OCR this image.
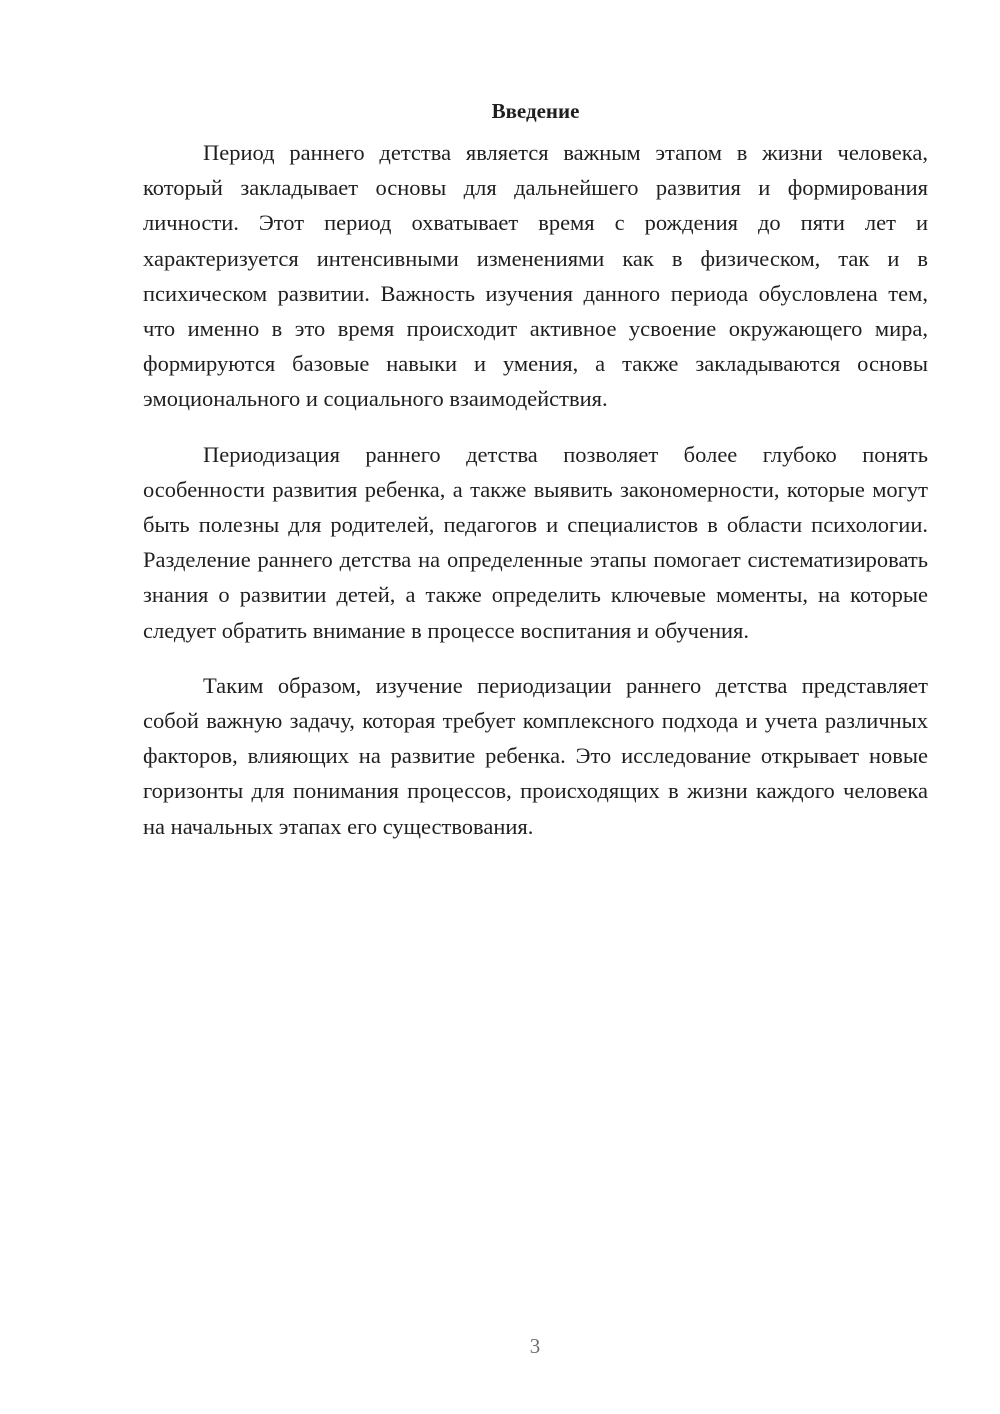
Введение

Период раннего детства является важным этапом в жизни человека, который закладывает основы для дальнейшего развития и формирования личности. Этот период охватывает время с рождения до пяти лет и характеризуется интенсивными изменениями как в физическом, так и в психическом развитии. Важность изучения данного периода обусловлена тем, что именно в это время происходит активное усвоение окружающего мира, формируются базовые навыки и умения, а также закладываются основы эмоционального и социального взаимодействия.

Периодизация раннего детства позволяет более глубоко понять особенности развития ребенка, а также выявить закономерности, которые могут быть полезны для родителей, педагогов и специалистов в области психологии. Разделение раннего детства на определенные этапы помогает систематизировать знания о развитии детей, а также определить ключевые моменты, на которые следует обратить внимание в процессе воспитания и обучения.

Таким образом, изучение периодизации раннего детства представляет собой важную задачу, которая требует комплексного подхода и учета различных факторов, влияющих на развитие ребенка. Это исследование открывает новые горизонты для понимания процессов, происходящих в жизни каждого человека на начальных этапах его существования.

3
